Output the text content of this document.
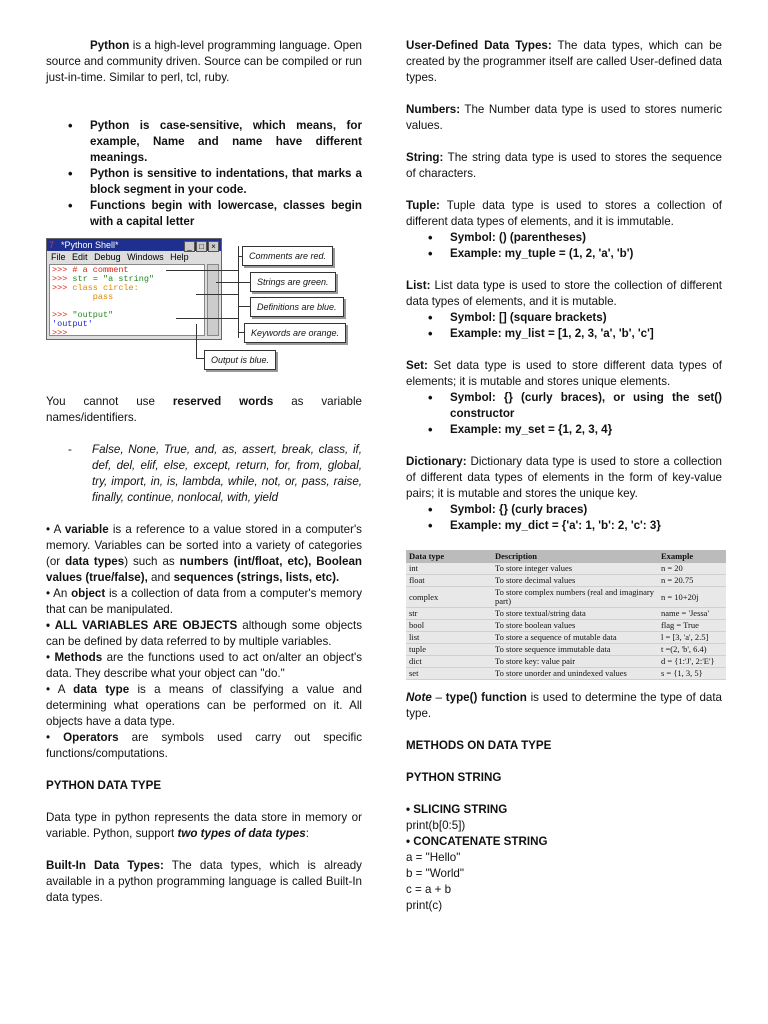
Python is a high-level programming language. Open source and community driven. Source can be compiled or run just-in-time. Similar to perl, tcl, ruby.

• Python is case-sensitive, which means, for example, Name and name have different meanings.
• Python is sensitive to indentations, that marks a block segment in your code.
• Functions begin with lowercase, classes begin with a capital letter
7 *Python Shell*	_ □ ×
File Edit Debug Windows Help
>>> # a comment
>>> str = "a string"
>>> class circle:
pass

>>> "output"
'output'
>>>
Comments are red.
Strings are green.
Definitions are blue.
Keywords are orange.
Output is blue.

You cannot use reserved words as variable names/identifiers.

- False, None, True, and, as, assert, break, class, if, def, del, elif, else, except, return, for, from, global, try, import, in, is, lambda, while, not, or, pass, raise, finally, continue, nonlocal, with, yield

• A variable is a reference to a value stored in a computer's memory. Variables can be sorted into a variety of categories (or data types) such as numbers (int/float, etc), Boolean values (true/false), and sequences (strings, lists, etc).

• An object is a collection of data from a computer's memory that can be manipulated.

• ALL VARIABLES ARE OBJECTS although some objects can be defined by data referred to by multiple variables.

• Methods are the functions used to act on/alter an object's data. They describe what your object can "do."

• A data type is a means of classifying a value and determining what operations can be performed on it. All objects have a data type.

• Operators are symbols used carry out specific functions/computations.

PYTHON DATA TYPE

Data type in python represents the data store in memory or variable. Python, support two types of data types:

Built-In Data Types: The data types, which is already available in a python programming language is called Built-In data types.

User-Defined Data Types: The data types, which can be created by the programmer itself are called User-defined data types.

Numbers: The Number data type is used to stores numeric values.

String: The string data type is used to stores the sequence of characters.

Tuple: Tuple data type is used to stores a collection of different data types of elements, and it is immutable.

• Symbol: () (parentheses)
• Example: my_tuple = (1, 2, 'a', 'b')

List: List data type is used to store the collection of different data types of elements, and it is mutable.

• Symbol: [] (square brackets)
• Example: my_list = [1, 2, 3, 'a', 'b', 'c']

Set: Set data type is used to store different data types of elements; it is mutable and stores unique elements.

• Symbol: {} (curly braces), or using the set() constructor
• Example: my_set = {1, 2, 3, 4}

Dictionary: Dictionary data type is used to store a collection of different data types of elements in the form of key-value pairs; it is mutable and stores the unique key.

• Symbol: {} (curly braces)
• Example: my_dict = {'a': 1, 'b': 2, 'c': 3}
Data type	Description	Example
int	To store integer values	n = 20
float	To store decimal values	n = 20.75
complex	To store complex numbers (real and imaginary part)	n = 10+20j
str	To store textual/string data	name = 'Jessa'
bool	To store boolean values	flag = True
list	To store a sequence of mutable data	l = [3, 'a', 2.5]
tuple	To store sequence immutable data	t =(2, 'b', 6.4)
dict	To store key: value pair	d = {1:'J', 2:'E'}
set	To store unorder and unindexed values	s = {1, 3, 5}

Note – type() function is used to determine the type of data type.

METHODS ON DATA TYPE

PYTHON STRING

• SLICING STRING

print(b[0:5])

• CONCATENATE STRING

a = "Hello"

b = "World"

c = a + b

print(c)
